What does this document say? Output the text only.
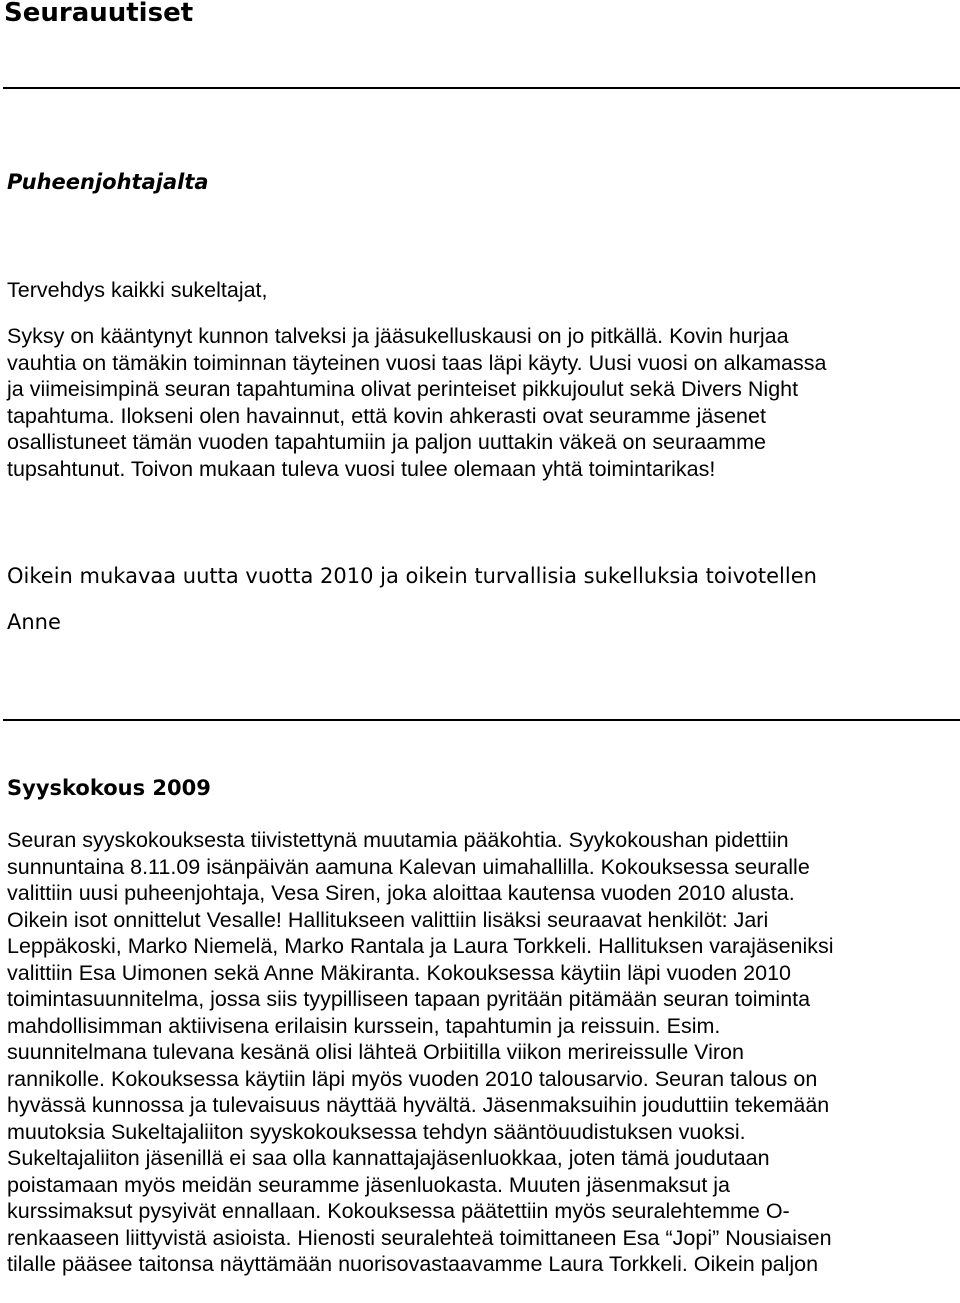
Seurauutiset
Puheenjohtajalta

Tervehdys kaikki sukeltajat,

Syksy on kääntynyt kunnon talveksi ja jääsukelluskausi on jo pitkällä. Kovin hurjaa
vauhtia on tämäkin toiminnan täyteinen vuosi taas läpi käyty. Uusi vuosi on alkamassa
ja viimeisimpinä seuran tapahtumina olivat perinteiset pikkujoulut sekä Divers Night
tapahtuma. Ilokseni olen havainnut, että kovin ahkerasti ovat seuramme jäsenet
osallistuneet tämän vuoden tapahtumiin ja paljon uuttakin väkeä on seuraamme
tupsahtunut. Toivon mukaan tuleva vuosi tulee olemaan yhtä toimintarikas!

Oikein mukavaa uutta vuotta 2010 ja oikein turvallisia sukelluksia toivotellen

Anne

Syyskokous 2009

Seuran syyskokouksesta tiivistettynä muutamia pääkohtia. Syykokoushan pidettiin
sunnuntaina 8.11.09 isänpäivän aamuna Kalevan uimahallilla. Kokouksessa seuralle
valittiin uusi puheenjohtaja, Vesa Siren, joka aloittaa kautensa vuoden 2010 alusta.
Oikein isot onnittelut Vesalle! Hallitukseen valittiin lisäksi seuraavat henkilöt: Jari
Leppäkoski, Marko Niemelä, Marko Rantala ja Laura Torkkeli. Hallituksen varajäseniksi
valittiin Esa Uimonen sekä Anne Mäkiranta. Kokouksessa käytiin läpi vuoden 2010
toimintasuunnitelma, jossa siis tyypilliseen tapaan pyritään pitämään seuran toiminta
mahdollisimman aktiivisena erilaisin kurssein, tapahtumin ja reissuin. Esim.
suunnitelmana tulevana kesänä olisi lähteä Orbiitilla viikon merireissulle Viron
rannikolle. Kokouksessa käytiin läpi myös vuoden 2010 talousarvio. Seuran talous on
hyvässä kunnossa ja tulevaisuus näyttää hyvältä. Jäsenmaksuihin jouduttiin tekemään
muutoksia Sukeltajaliiton syyskokouksessa tehdyn sääntöuudistuksen vuoksi.
Sukeltajaliiton jäsenillä ei saa olla kannattajajäsenluokkaa, joten tämä joudutaan
poistamaan myös meidän seuramme jäsenluokasta. Muuten jäsenmaksut ja
kurssimaksut pysyivät ennallaan. Kokouksessa päätettiin myös seuralehtemme O-
renkaaseen liittyvistä asioista. Hienosti seuralehteä toimittaneen Esa “Jopi” Nousiaisen
tilalle pääsee taitonsa näyttämään nuorisovastaavamme Laura Torkkeli. Oikein paljon
